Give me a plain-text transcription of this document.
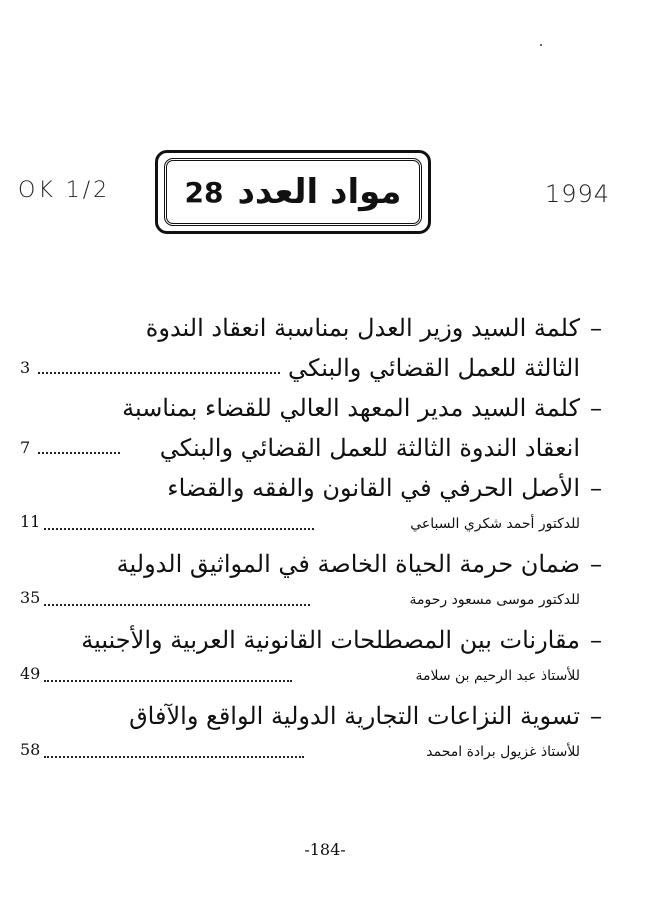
OK 1/2	1994
مواد العدد
28
–
كلمة السيد وزير العدل بمناسبة انعقاد الندوة
الثالثة للعمل القضائي والبنكي
3
–
كلمة السيد مدير المعهد العالي للقضاء بمناسبة
انعقاد الندوة الثالثة للعمل القضائي والبنكي
7
–
الأصل الحرفي في القانون والفقه والقضاء
للدكتور أحمد شكري السباعي
11
–
ضمان حرمة الحياة الخاصة في المواثيق الدولية
للدكتور موسى مسعود رحومة
35
–
مقارنات بين المصطلحات القانونية العربية والأجنبية
للأستاذ عبد الرحيم بن سلامة
49
–
تسوية النزاعات التجارية الدولية الواقع والآفاق
للأستاذ غزيول برادة امحمد
58
-184-
